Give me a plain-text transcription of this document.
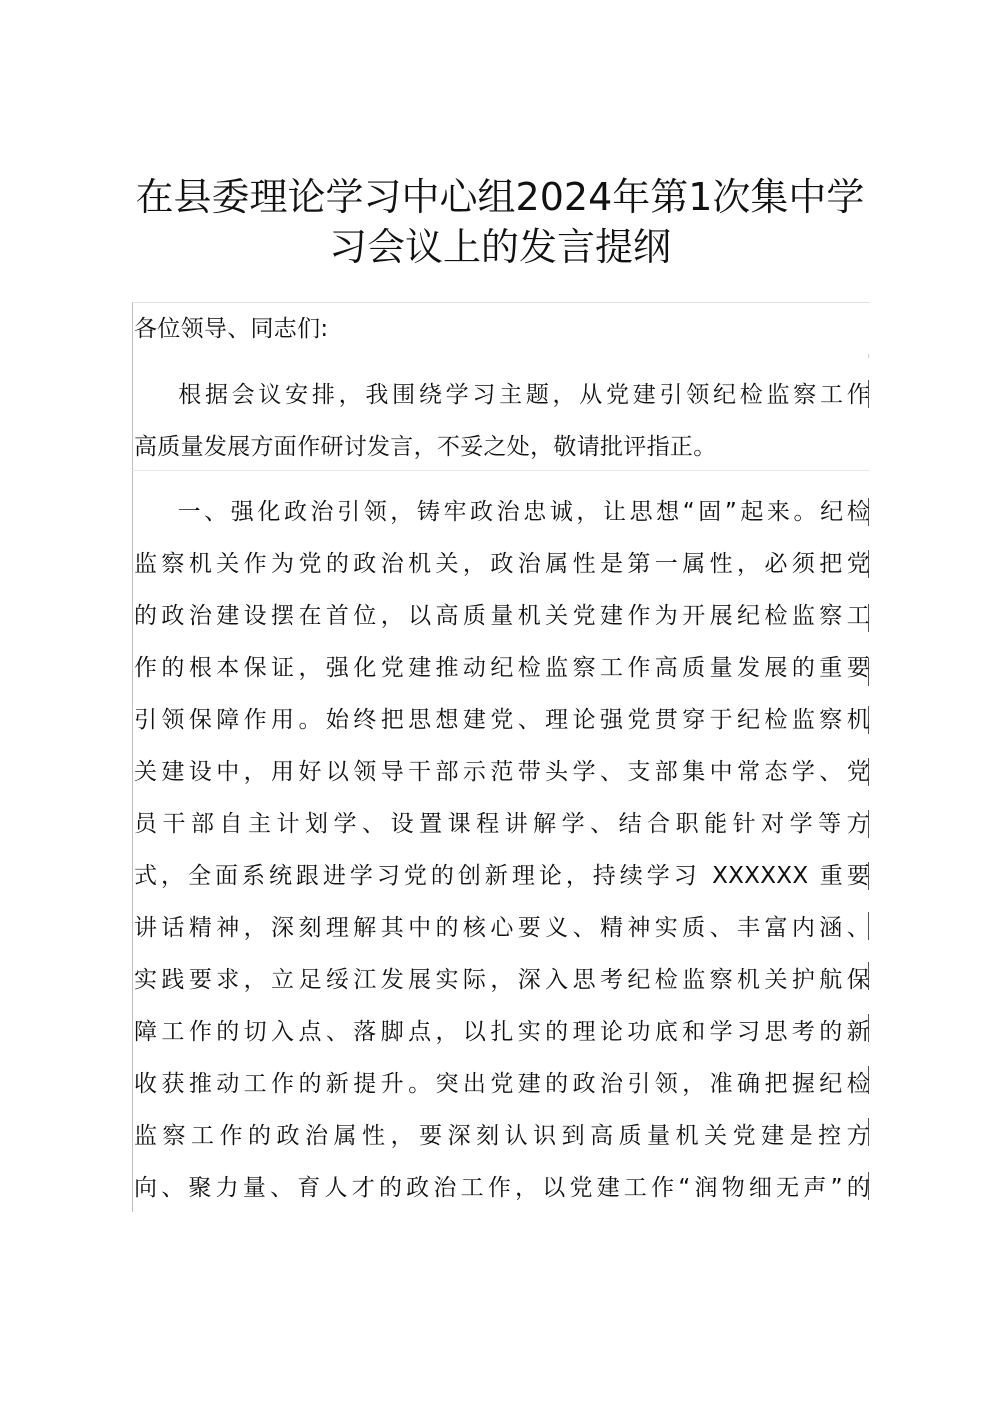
在县委理论学习中心组2024年第1次集中学
习会议上的发言提纲

各位领导、同志们:

根据会议安排，我围绕学习主题，从党建引领纪检监察工作

高质量发展方面作研讨发言，不妥之处，敬请批评指正。

一、强化政治引领，铸牢政治忠诚，让思想“固”起来。纪检

监察机关作为党的政治机关，政治属性是第一属性，必须把党

的政治建设摆在首位，以高质量机关党建作为开展纪检监察工

作的根本保证，强化党建推动纪检监察工作高质量发展的重要

引领保障作用。始终把思想建党、理论强党贯穿于纪检监察机

关建设中，用好以领导干部示范带头学、支部集中常态学、党

员干部自主计划学、设置课程讲解学、结合职能针对学等方

式，全面系统跟进学习党的创新理论，持续学习 XXXXXX 重要

讲话精神，深刻理解其中的核心要义、精神实质、丰富内涵、

实践要求，立足绥江发展实际，深入思考纪检监察机关护航保

障工作的切入点、落脚点，以扎实的理论功底和学习思考的新

收获推动工作的新提升。突出党建的政治引领，准确把握纪检

监察工作的政治属性，要深刻认识到高质量机关党建是控方

向、聚力量、育人才的政治工作，以党建工作“润物细无声”的
